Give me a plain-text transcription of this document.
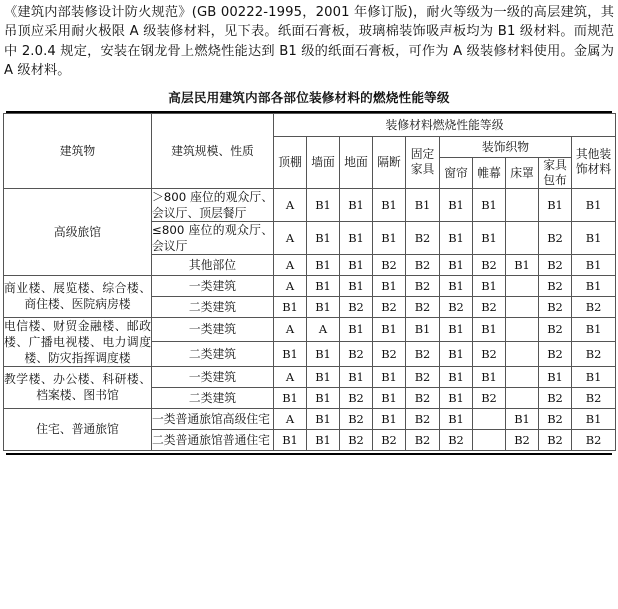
《建筑内部装修设计防火规范》(GB 00222-1995，2001 年修订版)，耐火等级为一级的高层建筑，其吊顶应采用耐火极限 A 级装修材料，见下表。纸面石膏板，玻璃棉装饰吸声板均为 B1 级材料。而规范中 2.0.4 规定，安装在钢龙骨上燃烧性能达到 B1 级的纸面石膏板，可作为 A 级装修材料使用。金属为 A 级材料。
高层民用建筑内部各部位装修材料的燃烧性能等级
建筑物	建筑规模、性质	装修材料燃烧性能等级									
		顶棚	墙面	地面	隔断	固定家具	装饰织物				其他装饰材料
							窗帘	帷幕	床罩	家具包布	
高级旅馆	＞800 座位的观众厅、会议厅、顶层餐厅	A	B1	B1	B1	B1	B1	B1		B1	B1
	≤800 座位的观众厅、会议厅	A	B1	B1	B1	B2	B1	B1		B2	B1
	其他部位	A	B1	B1	B2	B2	B1	B2	B1	B2	B1
商业楼、展览楼、综合楼、商住楼、医院病房楼	一类建筑	A	B1	B1	B1	B2	B1	B1		B2	B1
	二类建筑	B1	B1	B2	B2	B2	B2	B2		B2	B2
电信楼、财贸金融楼、邮政楼、广播电视楼、电力调度楼、防灾指挥调度楼	一类建筑	A	A	B1	B1	B1	B1	B1		B2	B1
	二类建筑	B1	B1	B2	B2	B2	B1	B2		B2	B2
教学楼、办公楼、科研楼、档案楼、图书馆	一类建筑	A	B1	B1	B1	B2	B1	B1		B1	B1
	二类建筑	B1	B1	B2	B1	B2	B1	B2		B2	B2
住宅、普通旅馆	一类普通旅馆高级住宅	A	B1	B2	B1	B2	B1		B1	B2	B1
	二类普通旅馆普通住宅	B1	B1	B2	B2	B2	B2		B2	B2	B2
